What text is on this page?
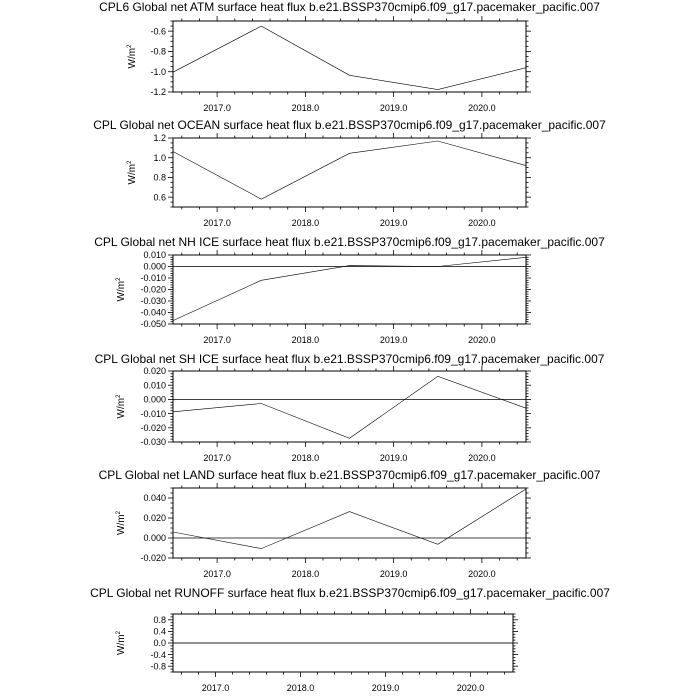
CPL6 Global net ATM surface heat flux b.e21.BSSP370cmip6.f09_g17.pacemaker_pacific.007
2017.0	2018.0	2019.0	2020.0
-1.2
-1.0
-0.8
-0.6
$W/m^2$
CPL Global net OCEAN surface heat flux b.e21.BSSP370cmip6.f09_g17.pacemaker_pacific.007
2017.0	2018.0	2019.0	2020.0
0.6
0.8
1.0
1.2
$W/m^2$
CPL Global net NH ICE surface heat flux b.e21.BSSP370cmip6.f09_g17.pacemaker_pacific.007
2017.0	2018.0	2019.0	2020.0
-0.050
-0.040
-0.030
-0.020
-0.010
0.000
0.010
$W/m^2$
CPL Global net SH ICE surface heat flux b.e21.BSSP370cmip6.f09_g17.pacemaker_pacific.007
2017.0	2018.0	2019.0	2020.0
-0.030
-0.020
-0.010
0.000
0.010
0.020
$W/m^2$
CPL Global net LAND surface heat flux b.e21.BSSP370cmip6.f09_g17.pacemaker_pacific.007
2017.0	2018.0	2019.0	2020.0
-0.020
0.000
0.020
0.040
$W/m^2$
CPL Global net RUNOFF surface heat flux b.e21.BSSP370cmip6.f09_g17.pacemaker_pacific.007
2017.0	2018.0	2019.0	2020.0
-0.8
-0.4
0.0
0.4
0.8
$W/m^2$
